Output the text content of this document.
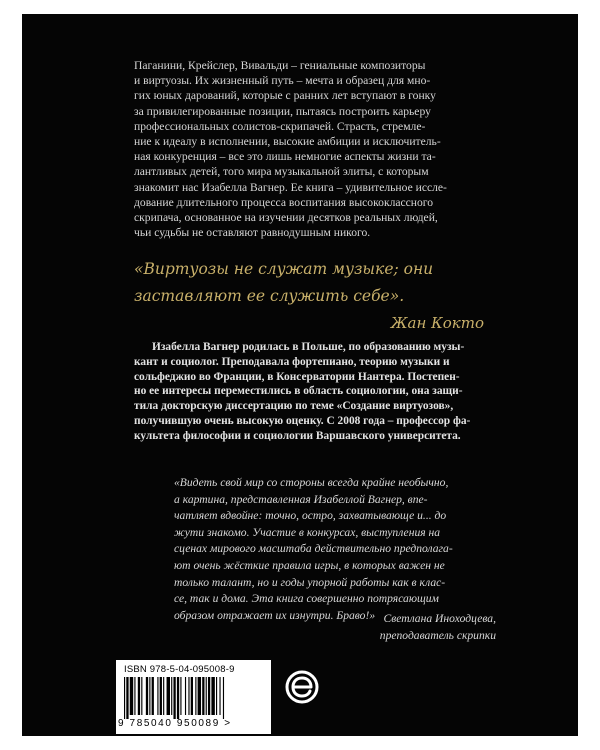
Паганини, Крейслер, Вивальди – гениальные композиторы

и виртуозы. Их жизненный путь – мечта и образец для мно-

гих юных дарований, которые с ранних лет вступают в гонку

за привилегированные позиции, пытаясь построить карьеру

профессиональных солистов-скрипачей. Страсть, стремле-

ние к идеалу в исполнении, высокие амбиции и исключитель-

ная конкуренция – все это лишь немногие аспекты жизни та-

лантливых детей, того мира музыкальной элиты, с которым

знакомит нас Изабелла Вагнер. Ее книга – удивительное иссле-

дование длительного процесса воспитания высококлассного

скрипача, основанное на изучении десятков реальных людей,

чьи судьбы не оставляют равнодушным никого.

«Виртуозы не служат музыке; они
заставляют ее служить себе».
Жан Кокто

Изабелла Вагнер родилась в Польше, по образованию музы-

кант и социолог. Преподавала фортепиано, теорию музыки и

сольфеджио во Франции, в Консерватории Нантера. Постепен-

но ее интересы переместились в область социологии, она защи-

тила докторскую диссертацию по теме «Создание виртуозов»,

получившую очень высокую оценку. С 2008 года – профессор фа-

культета философии и социологии Варшавского университета.

«Видеть свой мир со стороны всегда крайне необычно,

а картина, представленная Изабеллой Вагнер, впе-

чатляет вдвойне: точно, остро, захватывающе и... до

жути знакомо. Участие в конкурсах, выступления на

сценах мирового масштаба действительно предполага-

ют очень жёсткие правила игры, в которых важен не

только талант, но и годы упорной работы как в клас-

се, так и дома. Эта книга совершенно потрясающим

образом отражает их изнутри. Браво!» Светлана Иноходцева,
преподаватель скрипки
ISBN 978-5-04-095008-9
9 785040 950089 >
